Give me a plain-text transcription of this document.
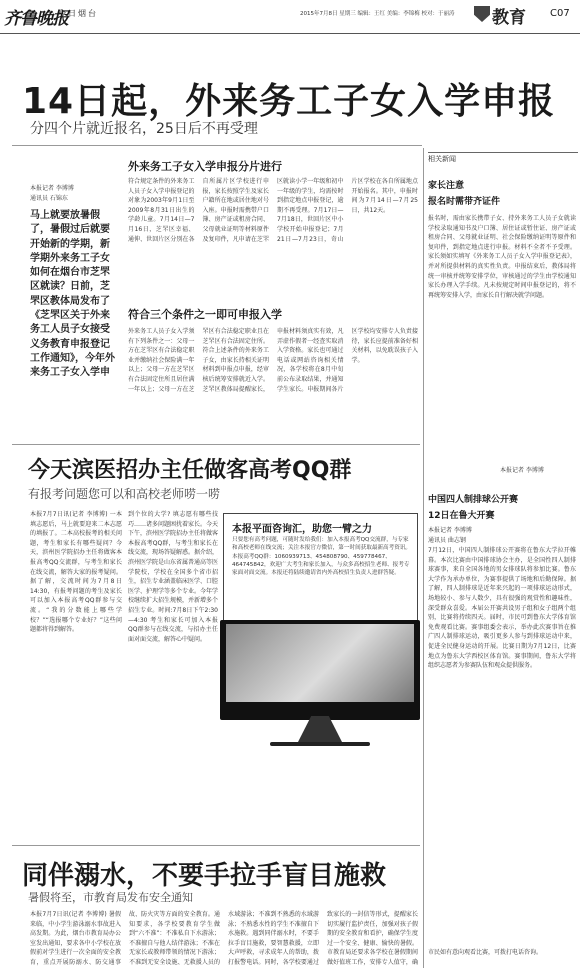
齐鲁晚报
今日烟台	2015年7月8日 星期三 编辑：王红 美编：李锦梅 校对：于丽涛 教育 C07
14日起，外来务工子女入学申报
分四个片就近报名，25日后不再受理
本报记者 李博博
通讯员 石锦东
马上就要放暑假了，暑假过后就要开始新的学期，新学期外来务工子女如何在烟台市芝罘区就读？日前，芝罘区教体局发布了《芝罘区关于外来务工人员子女接受义务教育申报登记工作通知》，今年外来务工子女入学申
外来务工子女入学申报分片进行
符合规定条件的外来务工人员子女入学申报登记的对象为2003年9月1日至2009年8月31日出生的学龄儿童。7月14日—7月16日，芝罘区幸福、通伸、世回片区分别在各自所属片区学校进行申报，家长按照学生及家长户籍所在地或居住地对号入座。申报时需携带户口簿、房产证或租房合同、父母就业证明等材料原件及复印件，凡申请在芝罘区就读小学一年级和初中一年级的学生，均需按时到指定地点申报登记，逾期不再受理。7月17日—7月18日，世回片区中小学校开始申报登记；7月21日—7月23日，奇山片区学校在各自所属地点开始报名。其中，申报时间为7月14日—7月25日，共12天。
符合三个条件之一即可申报入学
外来务工人员子女入学须有下列条件之一：父母一方在芝罘区有合法稳定职业并缴纳社会保险满一年以上；父母一方在芝罘区有合法固定住所且居住满一年以上；父母一方在芝罘区有合法稳定职业且在芝罘区有合法固定住所。符合上述条件的外来务工子女，由家长持相关证明材料到申报点申报，经审核后统筹安排就近入学。芝罘区教体局提醒家长，申报材料须真实有效，凡弄虚作假者一经查实取消入学资格。家长也可通过电话或网站咨询相关情况，各学校将在8月中旬前公布录取结果，并通知学生家长。申报期间各片区学校均安排专人负责接待，家长应提前准备好相关材料，以免耽误孩子入学。
相关新闻
家长注意
报名时需带齐证件
报名时，需由家长携带子女、持外来务工人员子女就读学校录取通知书及户口簿、居住证或暂住证、房产证或租房合同、父母就业证明、社会保险缴纳证明等原件和复印件，到指定地点进行申报。材料不全者不予受理。家长须如实填写《外来务工人员子女入学申报登记表》，并对所提供材料的真实性负责。申报结束后，教体局将统一审核并统筹安排学位，审核通过的学生由学校通知家长办理入学手续。凡未按规定时间申报登记的，将不再统筹安排入学，由家长自行解决就学问题。
本报记者 李博博
中国四人制排球公开赛
12日在鲁大开赛
本报记者 李博博
通讯员 曲志钢
7月12日，中国四人制排球公开赛将在鲁东大学拉开帷幕。本次比赛由中国排球协会主办，是全国性四人制排球赛事，来自全国各地的男女排球队将参加比赛。鲁东大学作为承办单位，为赛事提供了场地和后勤保障。据了解，四人制排球是近年来兴起的一项排球运动形式，场地较小、参与人数少，具有很强的观赏性和趣味性，深受群众喜爱。本届公开赛共设男子组和女子组两个组别，比赛将持续四天。届时，市民可到鲁东大学体育馆免费观看比赛。赛事组委会表示，举办此次赛事旨在推广四人制排球运动，吸引更多人参与到排球运动中来，促进全民健身运动的开展。比赛日期为7月12日，比赛地点为鲁东大学西校区体育馆。赛事期间，鲁东大学将组织志愿者为参赛队伍和观众提供服务。
市民如有意向观看比赛，可拨打电话咨询。
今天滨医招办主任做客高考QQ群
有报考问题您可以和高校老师唠一唠
本报7月7日讯(记者 李博博) 一本填志愿后，马上就要迎来二本志愿的填报了。二本高校报考的相关问题，考生和家长有哪些疑问？今天，滨州医学院招办主任将做客本报高考QQ交流群，与考生和家长在线交流，解答大家的报考疑问。据了解，交流时间为7月8日14:30，有报考问题的考生及家长可以加入本报高考QQ群参与交流。“我的分数能上哪些学校？”“选报哪个专业好？”这些问题都将得到解答。
到个位的大学? 填志愿有哪些技巧……诸多问题困扰着家长。今天下午，滨州医学院招办主任将做客本报高考QQ群，与考生和家长在线交流，现场答疑解惑。据介绍，滨州医学院是山东省属普通高等医学院校，学校在全国多个省市招生，招生专业涵盖临床医学、口腔医学、护理学等多个专业。今年学校继续扩大招生规模，并新增多个招生专业。时间:7月8日下午2:30—4:30 考生和家长可加入本报QQ群参与在线交流，与招办主任面对面交流，解答心中疑问。
本报平面咨询汇，助您一臂之力
只要您有高考问题，可随时发给我们：加入本报高考QQ交流群，与专家和高校老师在线交流；关注本报官方微信，第一时间获取最新高考资讯。本报高考QQ群：1060939713、454808790、459778467、464745842，欢迎广大考生和家长加入，与众多高校招生老师、报考专家面对面交流。本报还将陆续邀请省内外高校招生负责人进群答疑。
同伴溺水，不要手拉手盲目施救
暑假将至，市教育局发布安全通知
本报7月7日讯(记者 李博博) 暑假来临，中小学生游泳溺水事故进入高发期。为此，烟台市教育局办公室发出通知，要求各中小学校在放假前对学生进行一次全面的安全教育，重点开展防溺水、防交通事故、防火灾等方面的安全教育。通知要求，各学校要教育学生做到“六不准”：不准私自下水游泳；不准擅自与他人结伴游泳；不准在无家长或教师带领的情况下游泳；不准到无安全设施、无救援人员的水域游泳；不准到不熟悉的水域游泳；不熟悉水性的学生不准擅自下水施救。遇到同伴溺水时，不要手拉手盲目施救，要智慧救援，立即大声呼救，寻求成年人的帮助，拨打报警电话。同时，各学校要通过致家长的一封信等形式，提醒家长切实履行监护责任，加强对孩子假期的安全教育和看护，确保学生度过一个安全、健康、愉快的暑假。市教育局还要求各学校在暑假期间做好值班工作，安排专人值守，确
